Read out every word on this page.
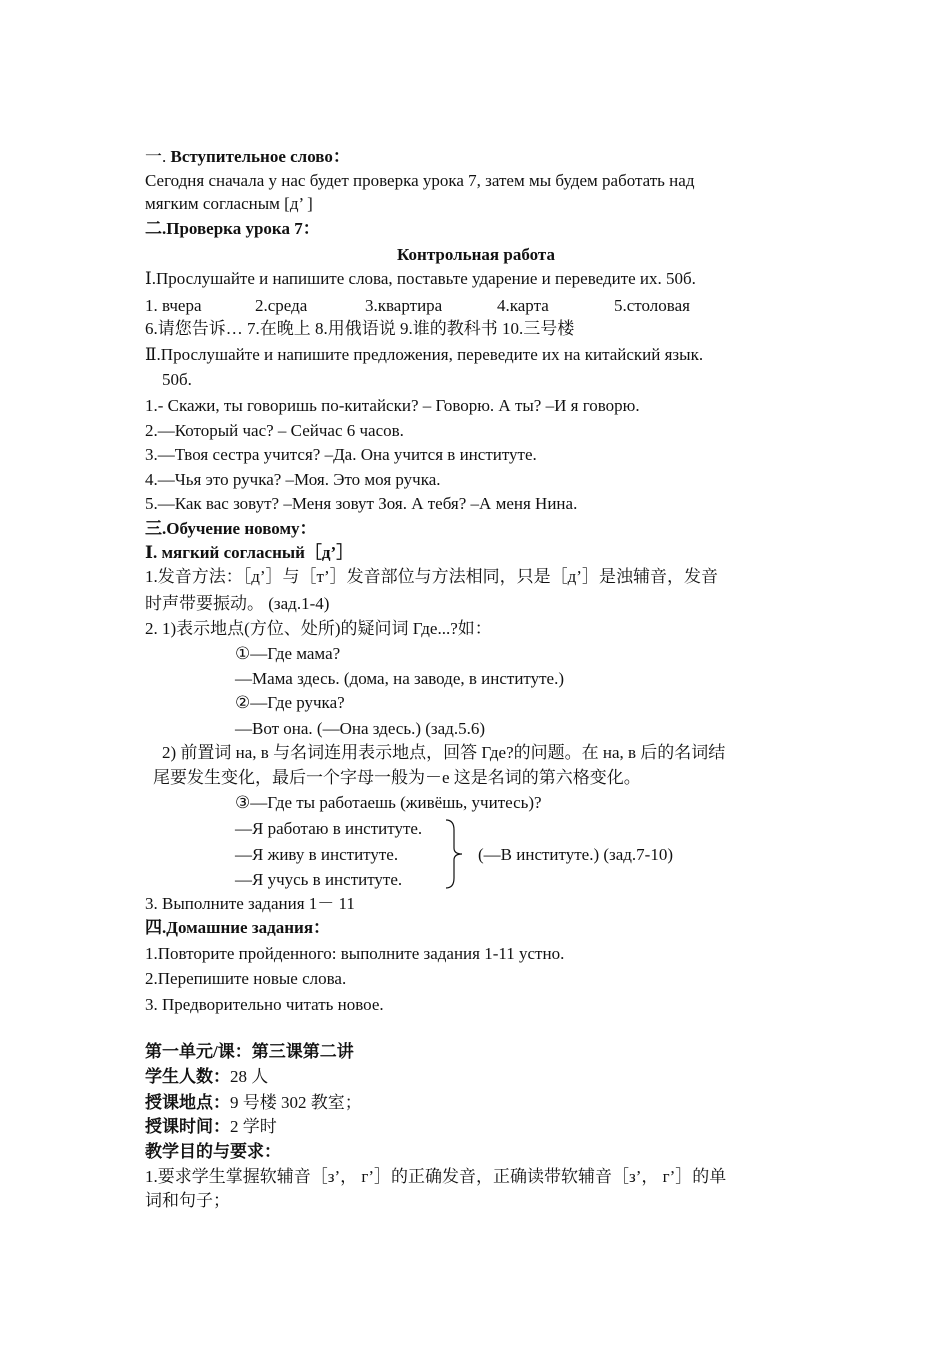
一. Вступительное слово：
Сегодня сначала у нас будет проверка урока 7, затем мы будем работать над
мягким согласным [д’ ]
二.Проверка урока 7：
Контрольная работа
Ⅰ.Прослушайте и напишите слова, поставьте ударение и переведите их. 50б.
1. вчера	2.среда	3.квартира	4.карта	5.столовая
6.请您告诉… 7.在晚上 8.用俄语说 9.谁的教科书 10.三号楼
Ⅱ.Прослушайте и напишите предложения, переведите их на китайский язык.
50б.
1.- Скажи, ты говоришь по-китайски? – Говорю. А ты? –И я говорю.
2.—Который час? – Сейчас 6 часов.
3.—Твоя сестра учится? –Да. Она учится в институте.
4.—Чья это ручка? –Моя. Это моя ручка.
5.—Как вас зовут? –Меня зовут Зоя. А тебя? –А меня Нина.
三.Обучение новому：
Ⅰ. мягкий согласный［д’］
1.发音方法：［д’］与［т’］发音部位与方法相同，只是［д’］是浊辅音，发音
时声带要振动。 (зад.1-4)
2. 1)表示地点(方位、处所)的疑问词 Где...?如：
①—Где мама?
—Мама здесь. (дома, на заводе, в институте.)
②—Где ручка?
—Вот она. (—Она здесь.) (зад.5.6)
2) 前置词 на, в 与名词连用表示地点，回答 Где?的问题。在 на, в 后的名词结
尾要发生变化，最后一个字母一般为－е 这是名词的第六格变化。
③—Где ты работаешь (живёшь, учитесь)?
—Я работаю в институте.
—Я живу в институте.
—Я учусь в институте.
(—В институте.) (зад.7-10)
3. Выполните задания 1－ 11
四.Домашние задания：
1.Повторите пройденного: выполните задания 1-11 устно.
2.Перепишите новые слова.
3. Предворительно читать новое.
第一单元/课：第三课第二讲
学生人数：28 人
授课地点：9 号楼 302 教室；
授课时间：2 学时
教学目的与要求：
1.要求学生掌握软辅音［з’， г’］的正确发音，正确读带软辅音［з’， г’］的单
词和句子；
